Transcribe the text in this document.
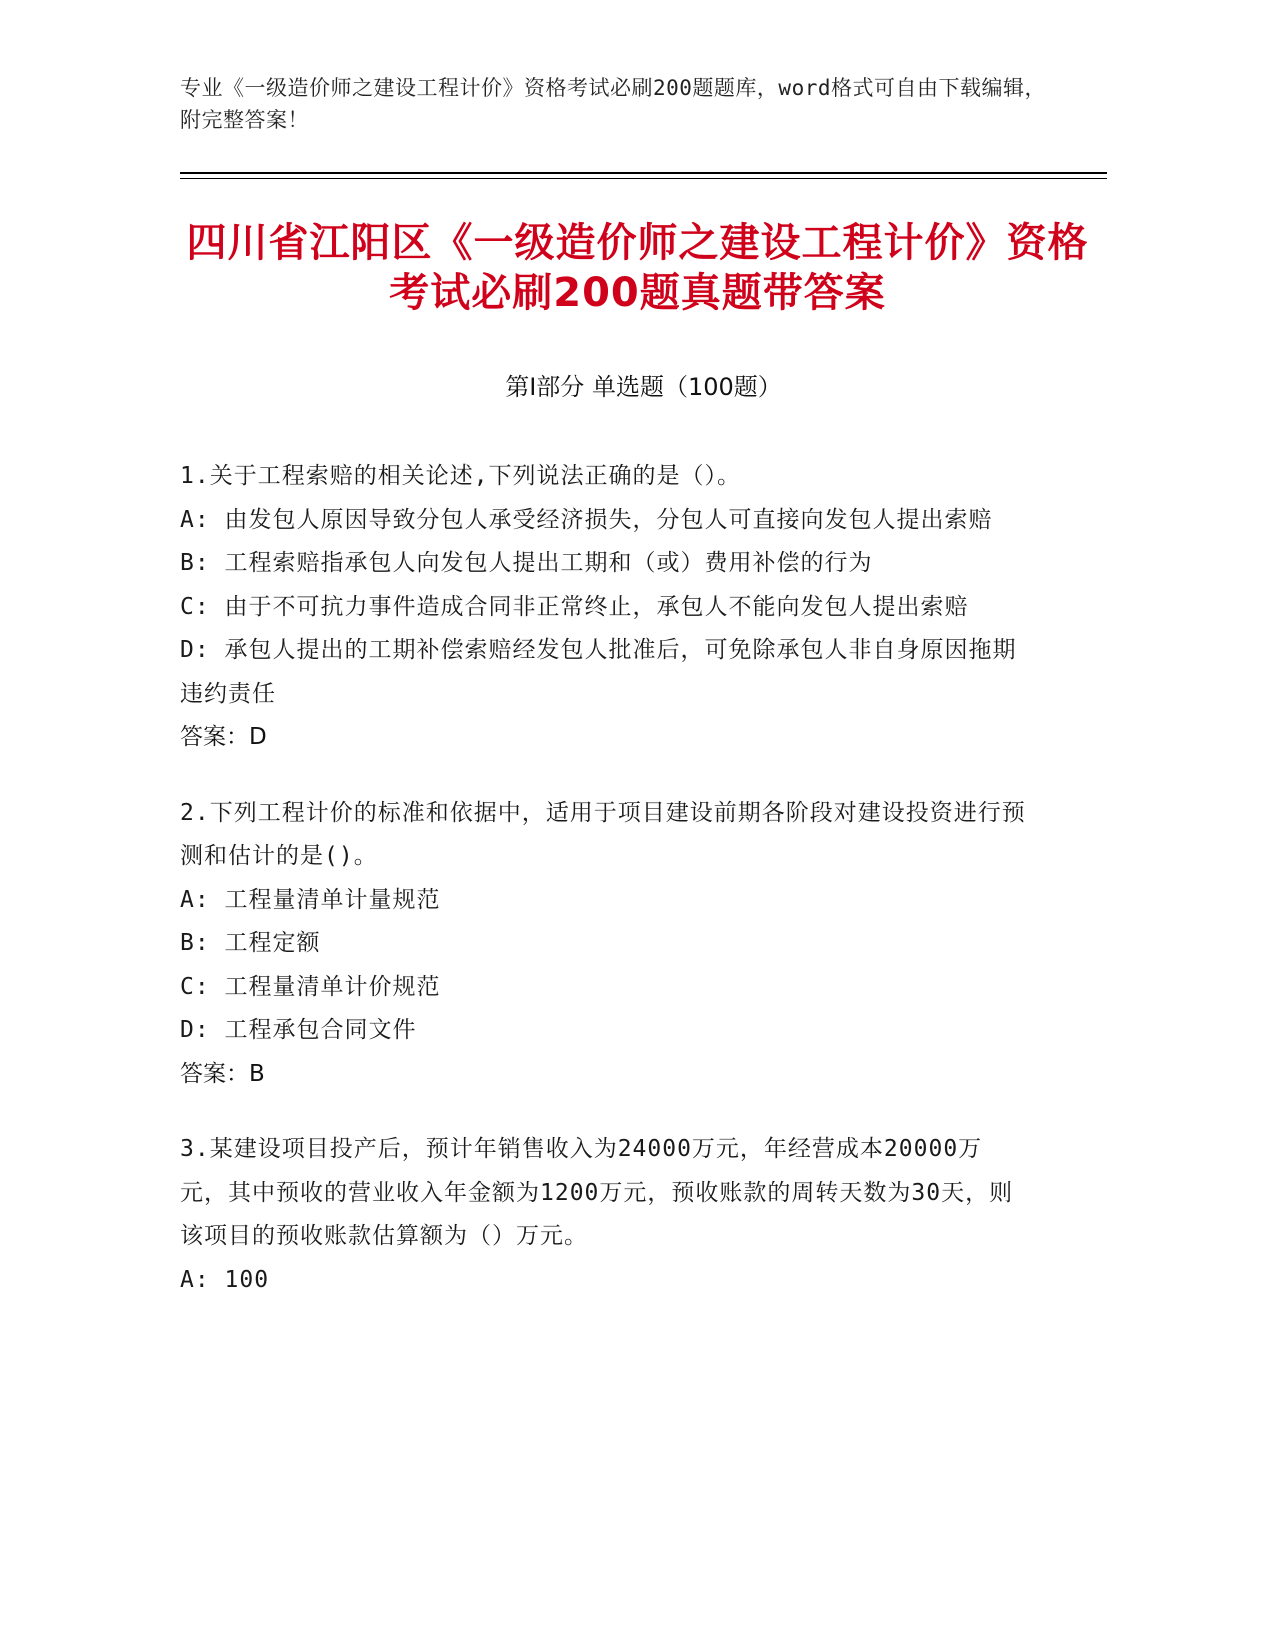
专业《一级造价师之建设工程计价》资格考试必刷200题题库，word格式可自由下载编辑，附完整答案！
四川省江阳区《一级造价师之建设工程计价》资格考试必刷200题真题带答案
第Ⅰ部分 单选题（100题）
1.关于工程索赔的相关论述,下列说法正确的是（）。
A: 由发包人原因导致分包人承受经济损失，分包人可直接向发包人提出索赔
B: 工程索赔指承包人向发包人提出工期和（或）费用补偿的行为
C: 由于不可抗力事件造成合同非正常终止，承包人不能向发包人提出索赔
D: 承包人提出的工期补偿索赔经发包人批准后，可免除承包人非自身原因拖期违约责任
答案：D
2.下列工程计价的标准和依据中，适用于项目建设前期各阶段对建设投资进行预测和估计的是()。
A: 工程量清单计量规范
B: 工程定额
C: 工程量清单计价规范
D: 工程承包合同文件
答案：B
3.某建设项目投产后，预计年销售收入为24000万元，年经营成本20000万元，其中预收的营业收入年金额为1200万元，预收账款的周转天数为30天，则该项目的预收账款估算额为（）万元。
A: 100
